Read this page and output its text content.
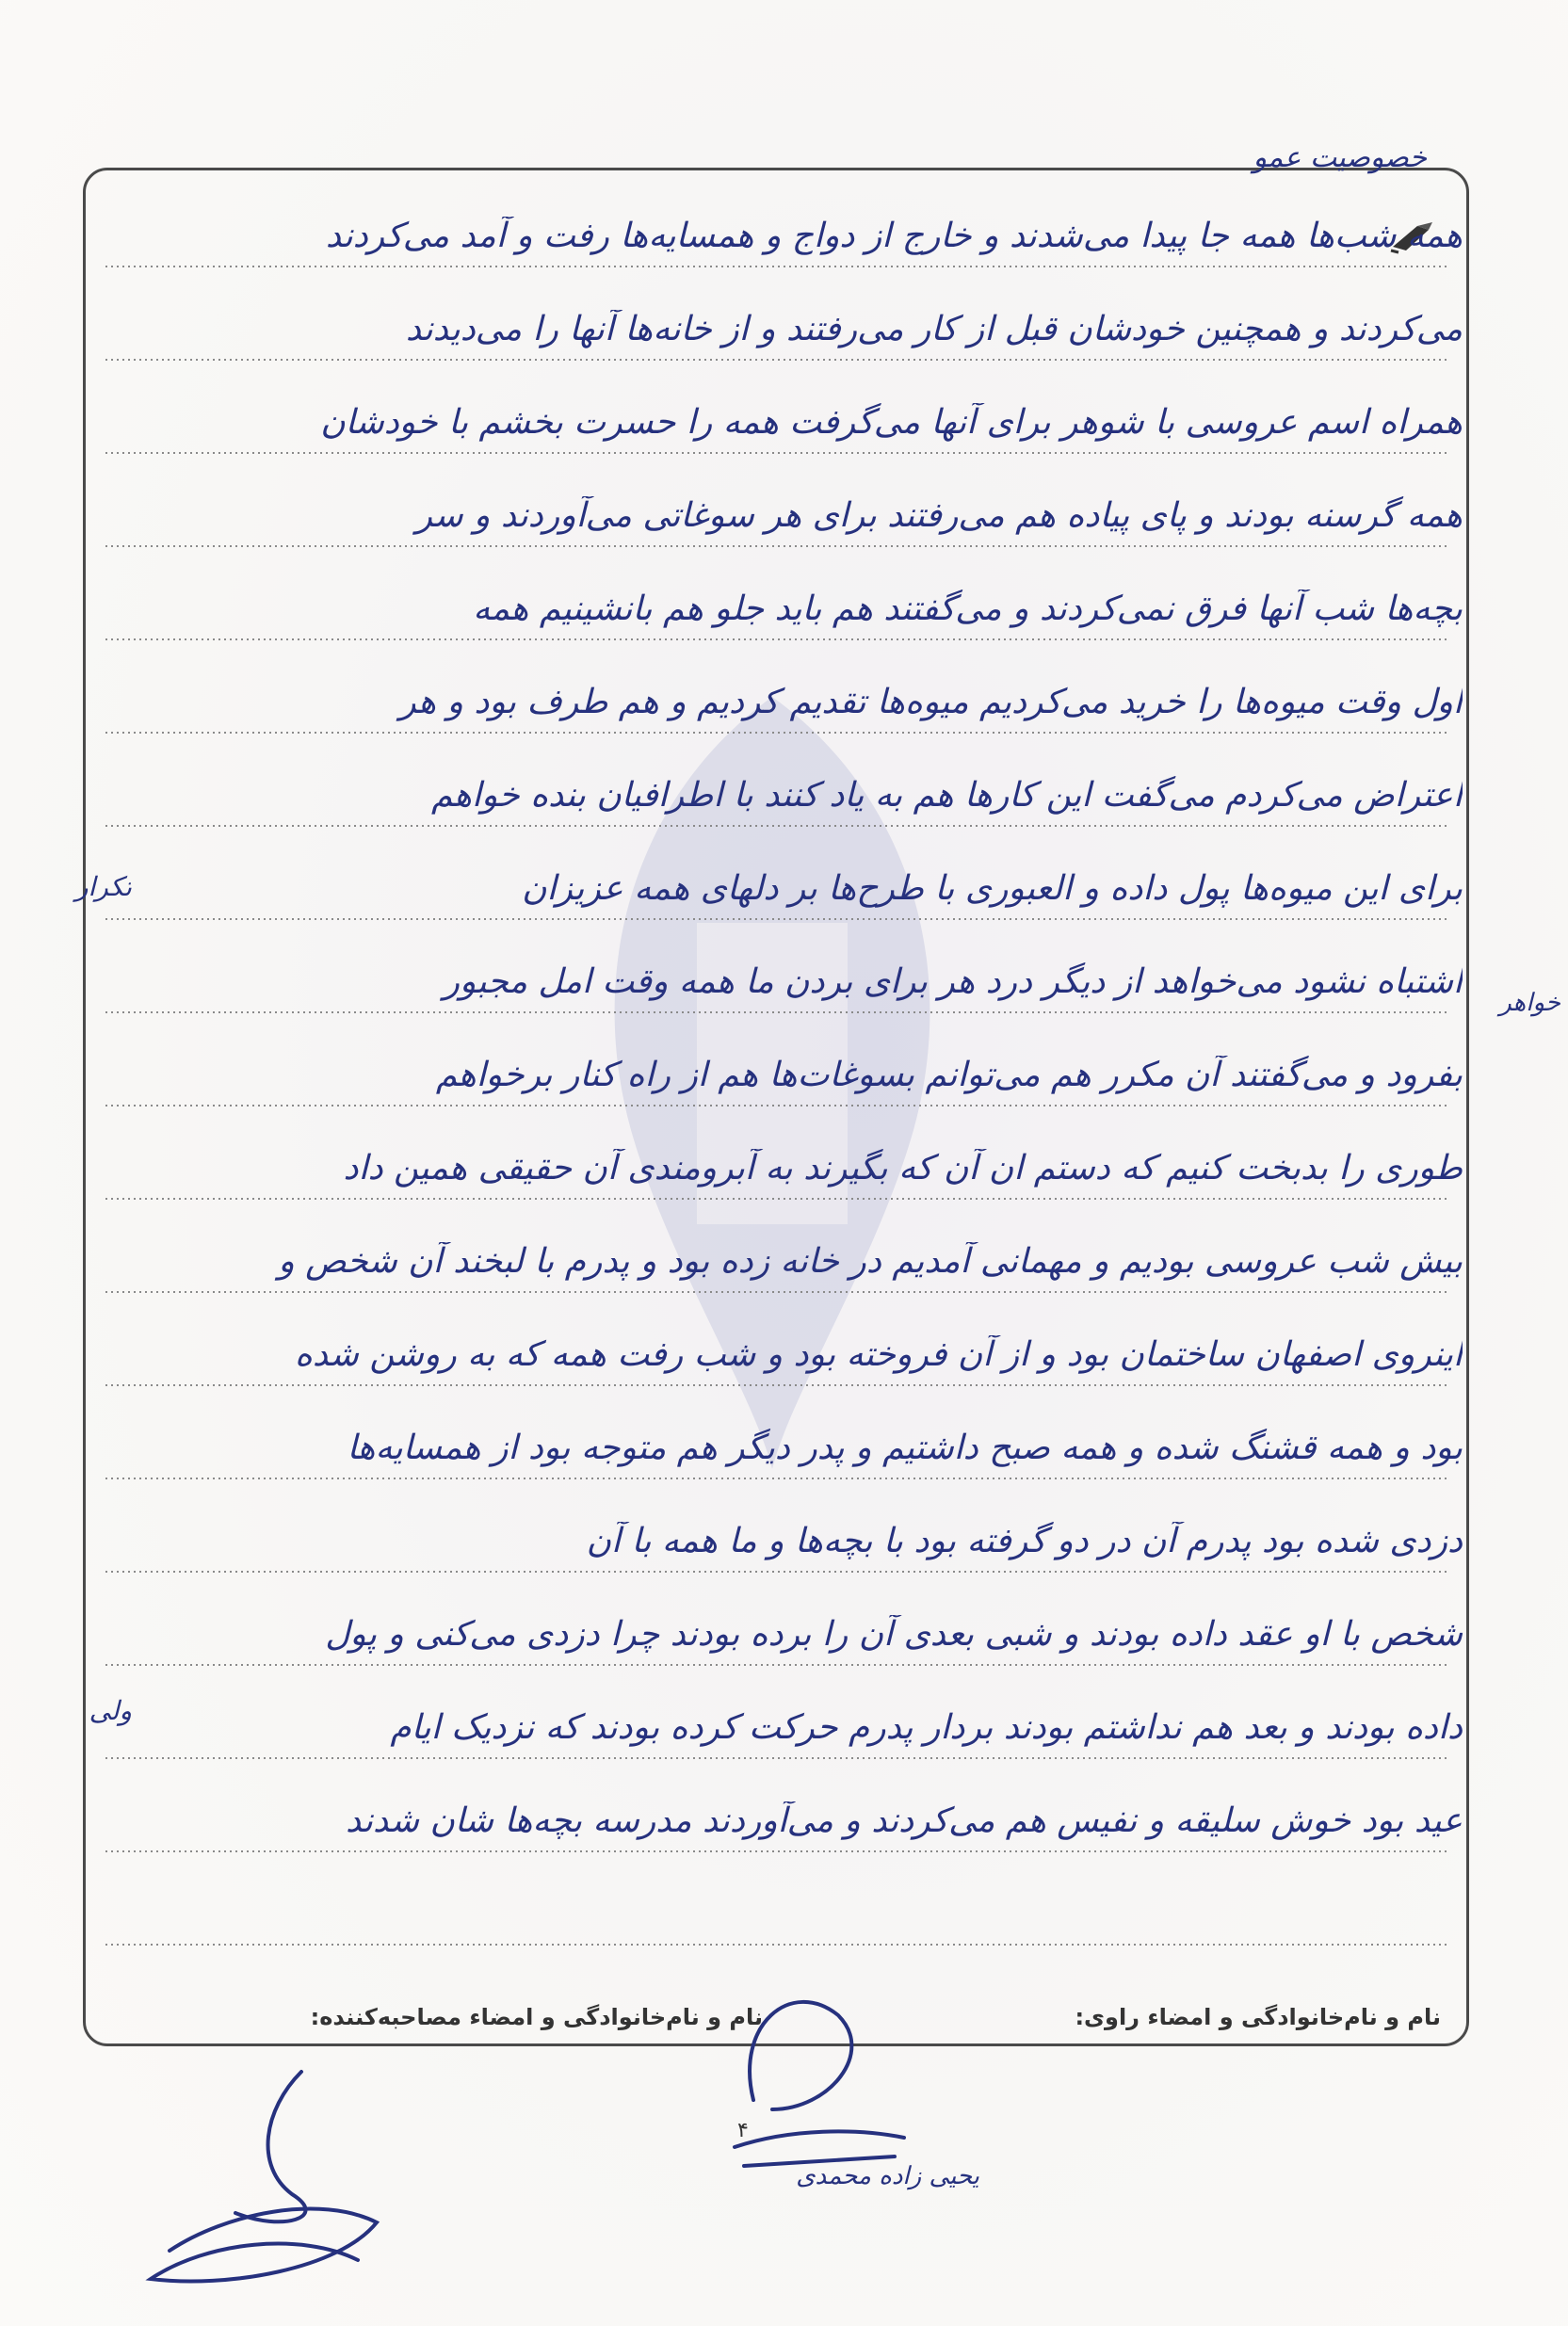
همه شب‌ها همه جا پیدا می‌شدند و خارج از دواج و همسایه‌ها رفت و آمد می‌کردند
می‌کردند و همچنین خودشان قبل از کار می‌رفتند و از خانه‌ها آنها را می‌دیدند
همراه اسم عروسی با شوهر برای آنها می‌گرفت همه را حسرت بخشم با خودشان
همه گرسنه بودند و پای پیاده هم می‌رفتند برای هر سوغاتی می‌آوردند و سر
بچه‌ها شب آنها فرق نمی‌کردند و می‌گفتند هم باید جلو هم بانشینیم همه
اول وقت میوه‌ها را خرید می‌کردیم میوه‌ها تقدیم کردیم و هم طرف بود و هر
اعتراض می‌کردم می‌گفت این کارها هم به یاد کنند با اطرافیان بنده خواهم
برای این میوه‌ها پول داده و العبوری با طرح‌ها بر دلهای همه عزیزان
اشتباه نشود می‌خواهد از دیگر درد هر برای بردن ما همه وقت امل مجبور
بفرود و می‌گفتند آن مکرر هم می‌توانم بسوغات‌ها هم از راه کنار برخواهم
طوری را بدبخت کنیم که دستم ان آن که بگیرند به آبرومندی آن حقیقی همین داد
بیش شب عروسی بودیم و مهمانی آمدیم در خانه زده بود و پدرم با لبخند آن شخص و
اینروی اصفهان ساختمان بود و از آن فروخته بود و شب رفت همه که به روشن شده
بود و همه قشنگ شده و همه صبح داشتیم و پدر دیگر هم متوجه بود از همسایه‌ها
دزدی شده بود پدرم آن در دو گرفته بود با بچه‌ها و ما همه با آن
شخص با او عقد داده بودند و شبی بعدی آن را برده بودند چرا دزدی می‌کنی و پول
داده بودند و بعد هم نداشتم بودند بردار پدرم حرکت کرده بودند که نزدیک ایام
عید بود خوش سلیقه و نفیس هم می‌کردند و می‌آوردند مدرسه بچه‌ها شان شدند
خصوصیت عمو
تکرار
ولی
خواهر
نام و نام‌خانوادگی و امضاء راوی:
نام و نام‌خانوادگی و امضاء مصاحبه‌کننده:
یحیی زاده محمدی
۴
